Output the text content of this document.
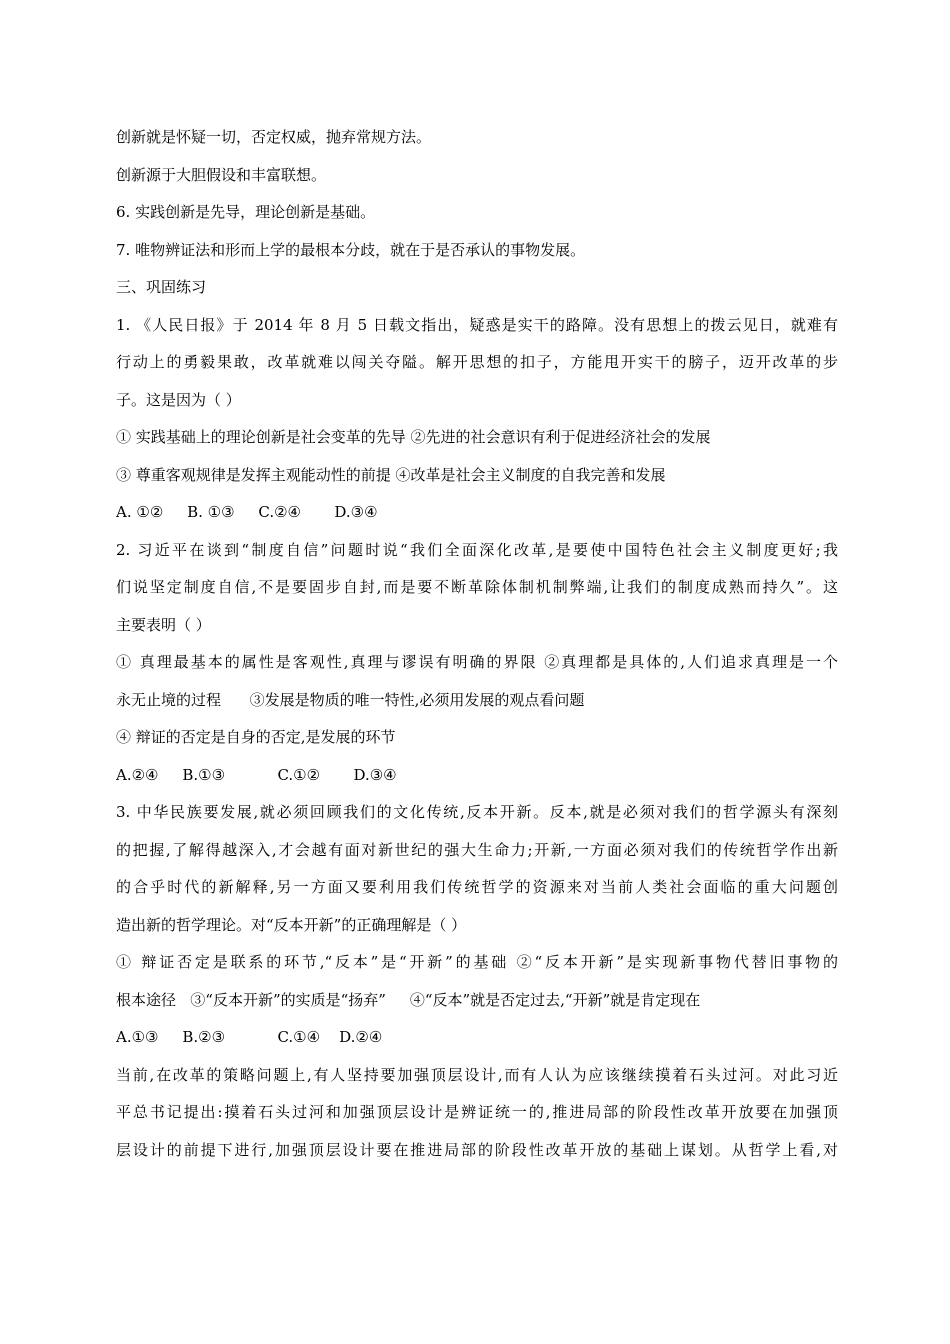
创新就是怀疑一切，否定权威，抛弃常规方法。
创新源于大胆假设和丰富联想。
6. 实践创新是先导，理论创新是基础。
7. 唯物辨证法和形而上学的最根本分歧，就在于是否承认的事物发展。
三、巩固练习
1. 《人民日报》于 2014 年 8 月 5 日载文指出，疑惑是实干的路障。没有思想上的拨云见日，就难有
行动上的勇毅果敢，改革就难以闯关夺隘。解开思想的扣子，方能甩开实干的膀子，迈开改革的步
子。这是因为（ ）
① 实践基础上的理论创新是社会变革的先导 ②先进的社会意识有利于促进经济社会的发展
③ 尊重客观规律是发挥主观能动性的前提 ④改革是社会主义制度的自我完善和发展
A. ①②     B. ①③     C.②④       D.③④
2. 习近平在谈到“制度自信”问题时说“我们全面深化改革,是要使中国特色社会主义制度更好;我
们说坚定制度自信,不是要固步自封,而是要不断革除体制机制弊端,让我们的制度成熟而持久”。这
主要表明（ ）
① 真理最基本的属性是客观性,真理与谬误有明确的界限 ②真理都是具体的,人们追求真理是一个
永无止境的过程      ③发展是物质的唯一特性,必须用发展的观点看问题
④ 辩证的否定是自身的否定,是发展的环节
A.②④     B.①③           C.①②       D.③④
3. 中华民族要发展,就必须回顾我们的文化传统,反本开新。反本,就是必须对我们的哲学源头有深刻
的把握,了解得越深入,才会越有面对新世纪的强大生命力;开新,一方面必须对我们的传统哲学作出新
的合乎时代的新解释,另一方面又要利用我们传统哲学的资源来对当前人类社会面临的重大问题创
造出新的哲学理论。对“反本开新”的正确理解是（ ）
① 辩证否定是联系的环节,“反本”是“开新”的基础 ②“反本开新”是实现新事物代替旧事物的
根本途径   ③“反本开新”的实质是“扬弃”     ④“反本”就是否定过去,“开新”就是肯定现在
A.①③     B.②③           C.①④    D.②④
当前,在改革的策略问题上,有人坚持要加强顶层设计,而有人认为应该继续摸着石头过河。对此习近
平总书记提出:摸着石头过河和加强顶层设计是辨证统一的,推进局部的阶段性改革开放要在加强顶
层设计的前提下进行,加强顶层设计要在推进局部的阶段性改革开放的基础上谋划。从哲学上看,对
